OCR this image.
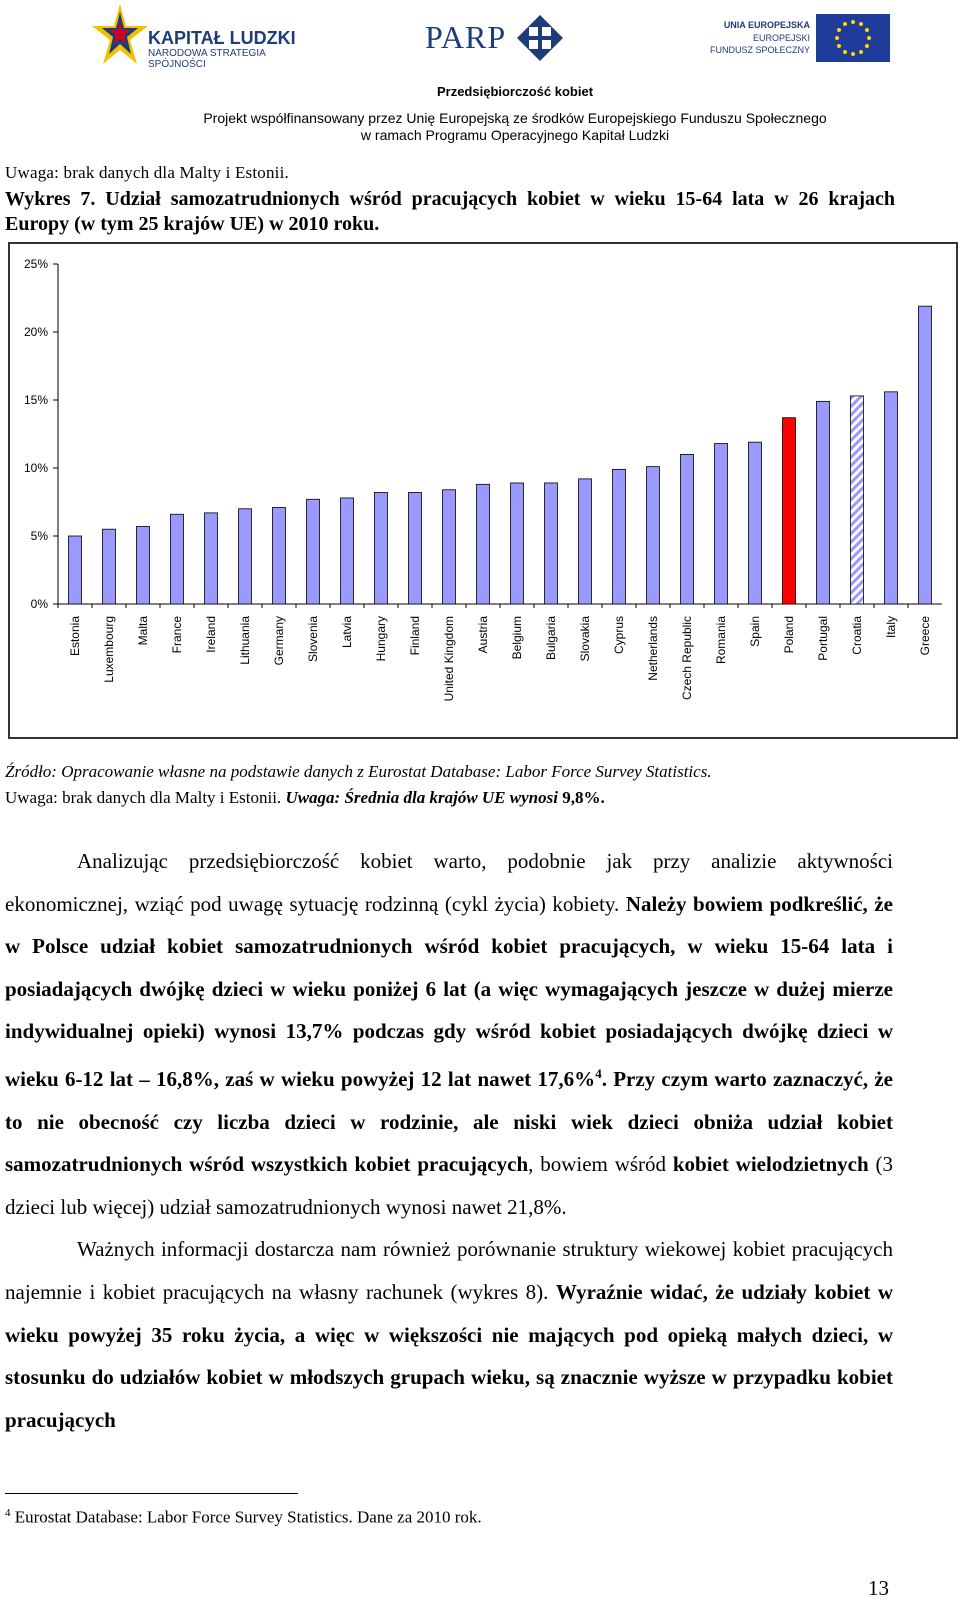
KAPITAŁ LUDZKI
NARODOWA STRATEGIA SPÓJNOŚCI
PARP	UNIA EUROPEJSKA
EUROPEJSKI
FUNDUSZ SPOŁECZNY
Przedsiębiorczość kobiet
Projekt współfinansowany przez Unię Europejską ze środków Europejskiego Funduszu Społecznego
w ramach Programu Operacyjnego Kapitał Ludzki
Uwaga: brak danych dla Malty i Estonii.
Wykres 7. Udział samozatrudnionych wśród pracujących kobiet w wieku 15-64 lata w 26 krajach Europy (w tym 25 krajów UE) w 2010 roku.
0%
5%
10%
15%
20%
25%
Estonia Luxembourg Malta France Ireland Lithuania Germany Slovenia Latvia Hungary Finland United Kingdom Austria Belgium Bulgaria Slovakia Cyprus Netherlands Czech Republic Romania Spain Poland Portugal Croatia Italy Greece
Źródło: Opracowanie własne na podstawie danych z Eurostat Database: Labor Force Survey Statistics.
Uwaga: brak danych dla Malty i Estonii. Uwaga: Średnia dla krajów UE wynosi 9,8%.

Analizując przedsiębiorczość kobiet warto, podobnie jak przy analizie aktywności ekonomicznej, wziąć pod uwagę sytuację rodzinną (cykl życia) kobiety. Należy bowiem podkreślić, że w Polsce udział kobiet samozatrudnionych wśród kobiet pracujących, w wieku 15-64 lata i posiadających dwójkę dzieci w wieku poniżej 6 lat (a więc wymagających jeszcze w dużej mierze indywidualnej opieki) wynosi 13,7% podczas gdy wśród kobiet posiadających dwójkę dzieci w wieku 6-12 lat – 16,8%, zaś w wieku powyżej 12 lat nawet 17,6%$^4$. Przy czym warto zaznaczyć, że to nie obecność czy liczba dzieci w rodzinie, ale niski wiek dzieci obniża udział kobiet samozatrudnionych wśród wszystkich kobiet pracujących, bowiem wśród kobiet wielodzietnych (3 dzieci lub więcej) udział samozatrudnionych wynosi nawet 21,8%.

Ważnych informacji dostarcza nam również porównanie struktury wiekowej kobiet pracujących najemnie i kobiet pracujących na własny rachunek (wykres 8). Wyraźnie widać, że udziały kobiet w wieku powyżej 35 roku życia, a więc w większości nie mających pod opieką małych dzieci, w stosunku do udziałów kobiet w młodszych grupach wieku, są znacznie wyższe w przypadku kobiet pracujących

$^4$ Eurostat Database: Labor Force Survey Statistics. Dane za 2010 rok.
13
